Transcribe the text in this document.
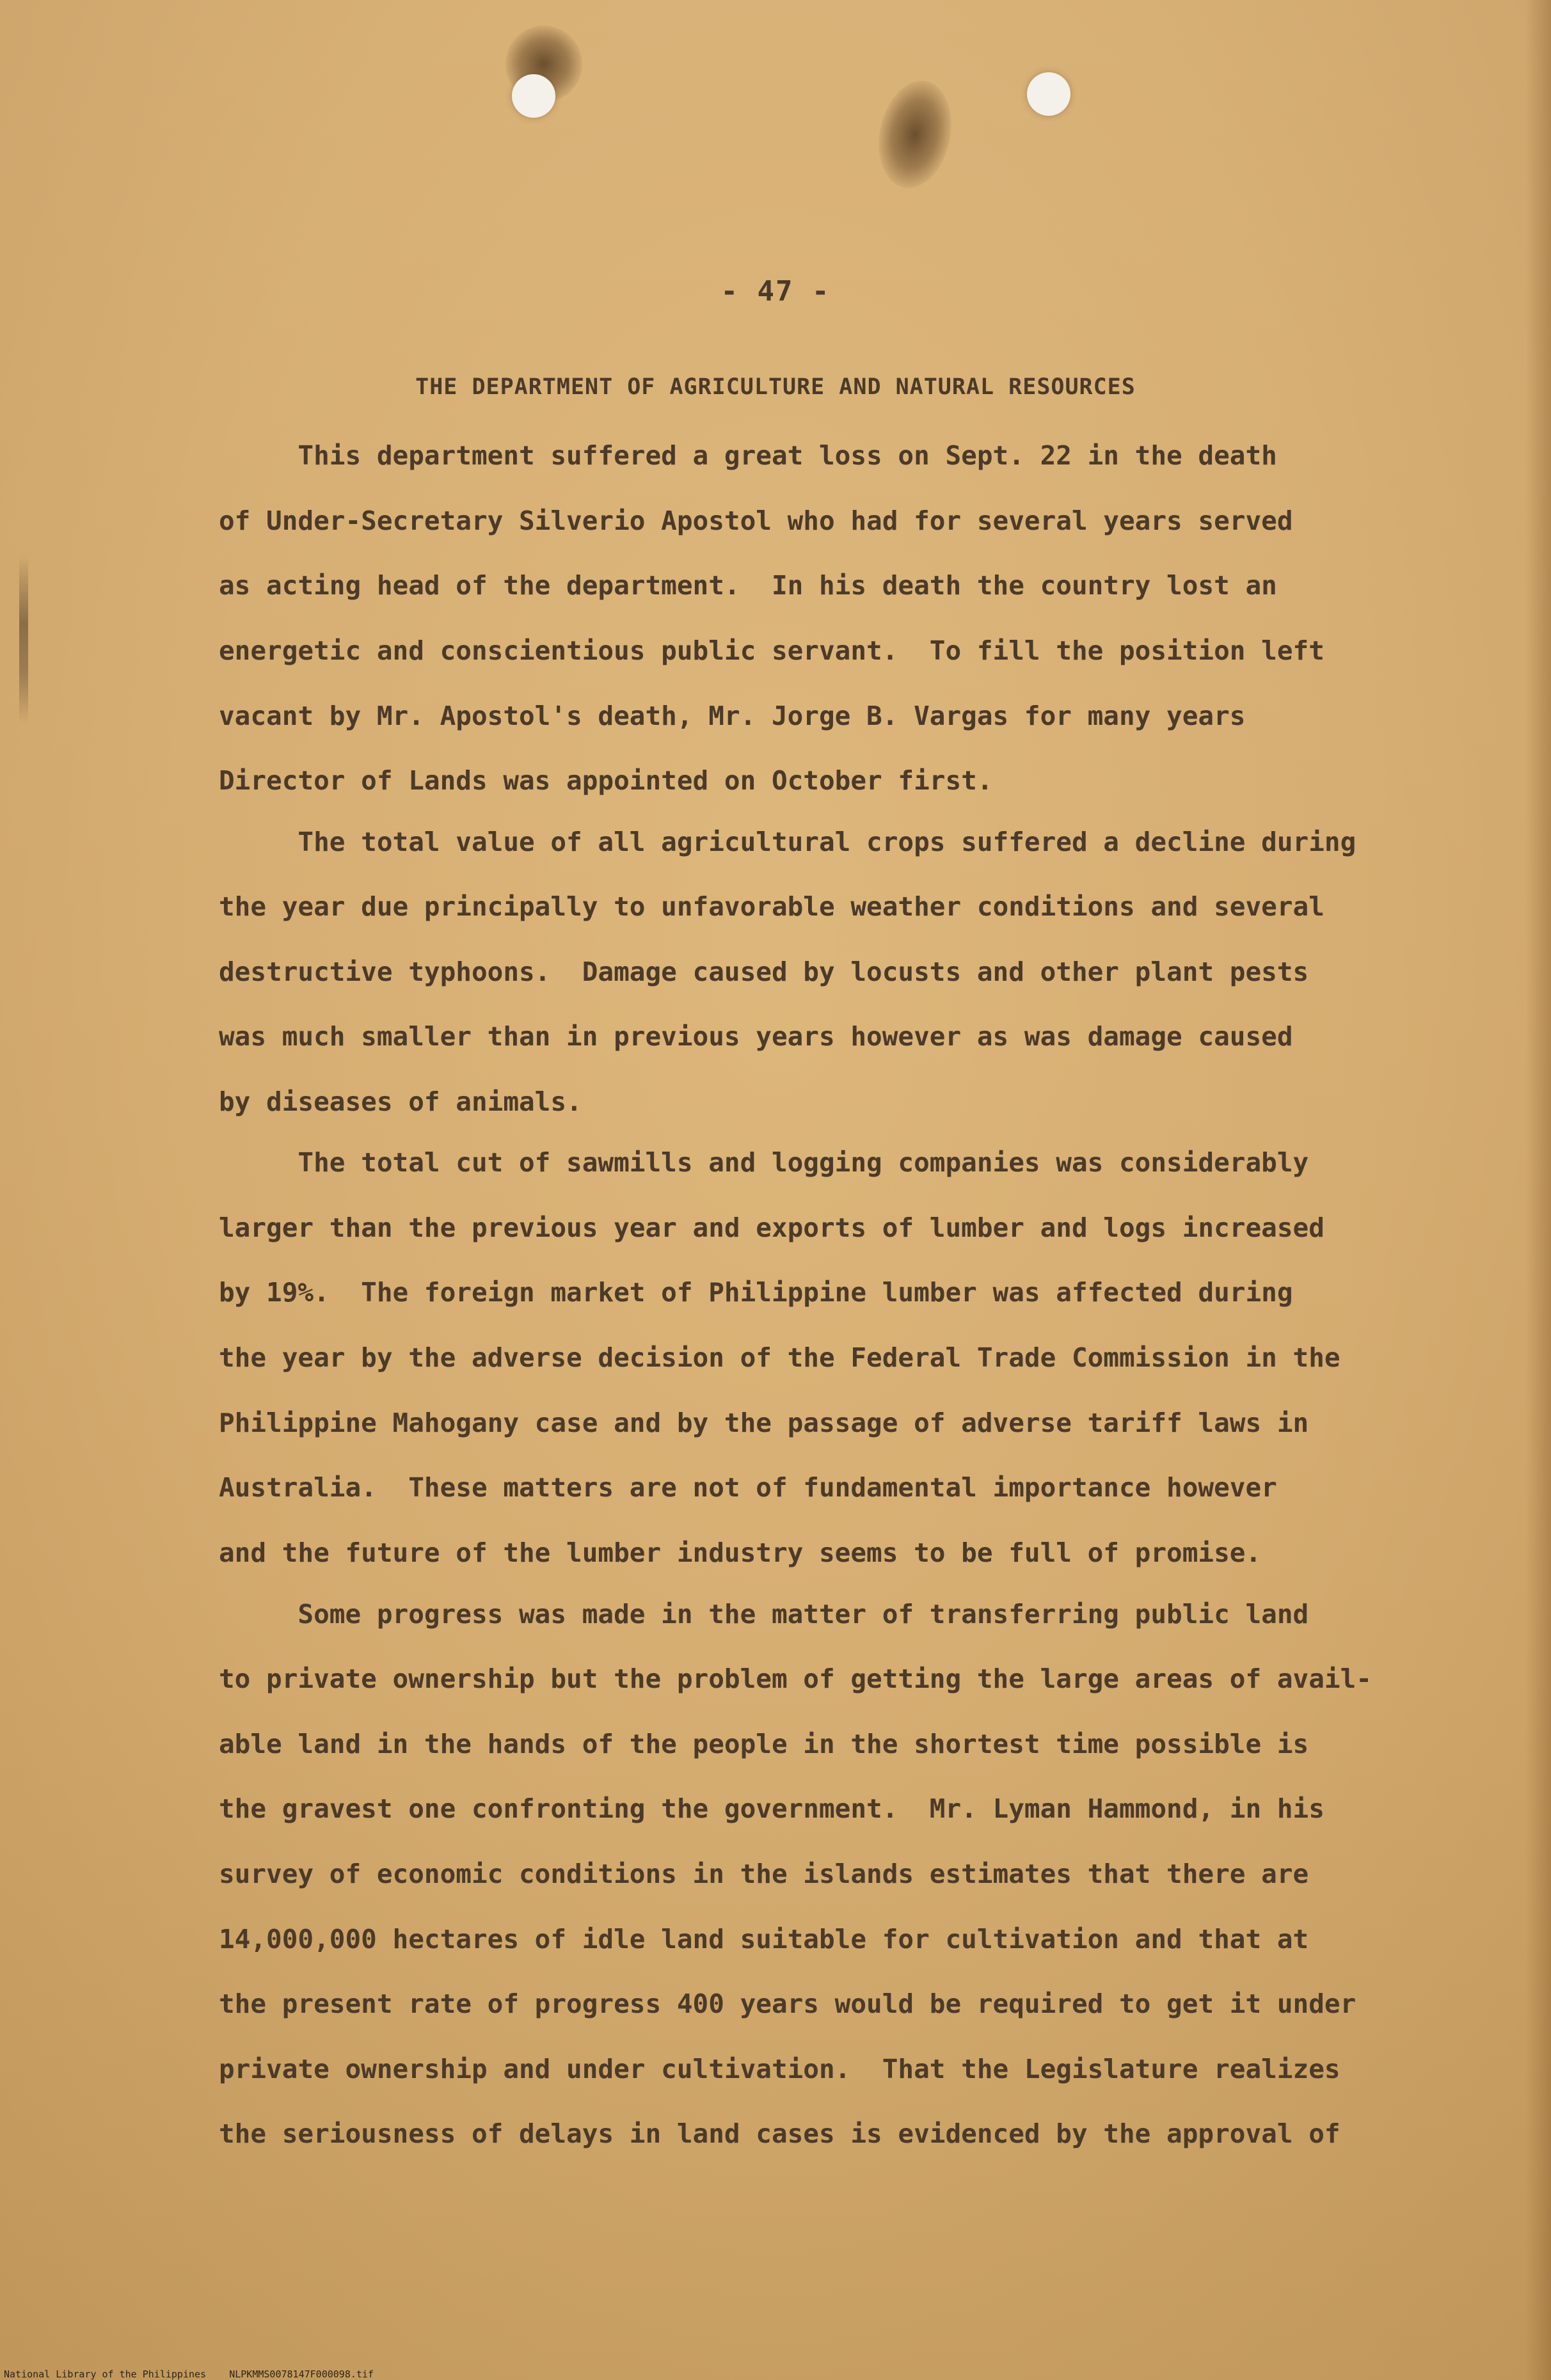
- 47 -

THE DEPARTMENT OF AGRICULTURE AND NATURAL RESOURCES

This department suffered a great loss on Sept. 22 in the death

of Under-Secretary Silverio Apostol who had for several years served

as acting head of the department.  In his death the country lost an

energetic and conscientious public servant.  To fill the position left

vacant by Mr. Apostol's death, Mr. Jorge B. Vargas for many years

Director of Lands was appointed on October first.

The total value of all agricultural crops suffered a decline during

the year due principally to unfavorable weather conditions and several

destructive typhoons.  Damage caused by locusts and other plant pests

was much smaller than in previous years however as was damage caused

by diseases of animals.

The total cut of sawmills and logging companies was considerably

larger than the previous year and exports of lumber and logs increased

by 19%.  The foreign market of Philippine lumber was affected during

the year by the adverse decision of the Federal Trade Commission in the

Philippine Mahogany case and by the passage of adverse tariff laws in

Australia.  These matters are not of fundamental importance however

and the future of the lumber industry seems to be full of promise.

Some progress was made in the matter of transferring public land

to private ownership but the problem of getting the large areas of avail-

able land in the hands of the people in the shortest time possible is

the gravest one confronting the government.  Mr. Lyman Hammond, in his

survey of economic conditions in the islands estimates that there are

14,000,000 hectares of idle land suitable for cultivation and that at

the present rate of progress 400 years would be required to get it under

private ownership and under cultivation.  That the Legislature realizes

the seriousness of delays in land cases is evidenced by the approval of

National Library of the Philippines    NLPKMMS0078147F000098.tif
